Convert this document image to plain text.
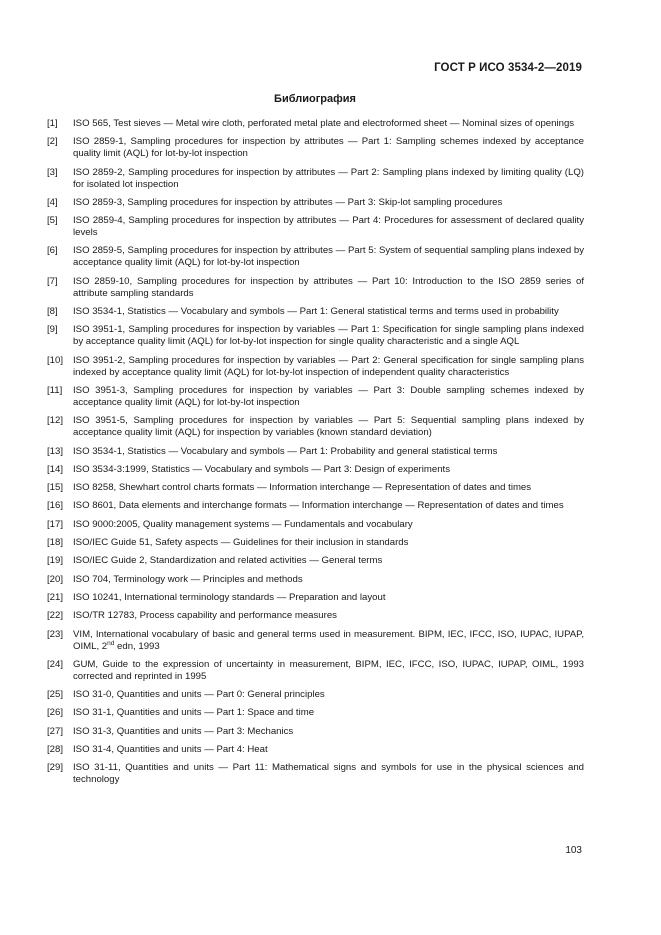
ГОСТ Р ИСО 3534-2—2019
Библиография
[1]	ISO 565, Test sieves — Metal wire cloth, perforated metal plate and electroformed sheet — Nominal sizes of openings
[2]	ISO 2859-1, Sampling procedures for inspection by attributes — Part 1: Sampling schemes indexed by acceptance quality limit (AQL) for lot-by-lot inspection
[3]	ISO 2859-2, Sampling procedures for inspection by attributes — Part 2: Sampling plans indexed by limiting quality (LQ) for isolated lot inspection
[4]	ISO 2859-3, Sampling procedures for inspection by attributes — Part 3: Skip-lot sampling procedures
[5]	ISO 2859-4, Sampling procedures for inspection by attributes — Part 4: Procedures for assessment of declared quality levels
[6]	ISO 2859-5, Sampling procedures for inspection by attributes — Part 5: System of sequential sampling plans indexed by acceptance quality limit (AQL) for lot-by-lot inspection
[7]	ISO 2859-10, Sampling procedures for inspection by attributes — Part 10: Introduction to the ISO 2859 series of attribute sampling standards
[8]	ISO 3534-1, Statistics — Vocabulary and symbols — Part 1: General statistical terms and terms used in probability
[9]	ISO 3951-1, Sampling procedures for inspection by variables — Part 1: Specification for single sampling plans indexed by acceptance quality limit (AQL) for lot-by-lot inspection for single quality characteristic and a single AQL
[10]	ISO 3951-2, Sampling procedures for inspection by variables — Part 2: General specification for single sampling plans indexed by acceptance quality limit (AQL) for lot-by-lot inspection of independent quality characteristics
[11]	ISO 3951-3, Sampling procedures for inspection by variables — Part 3: Double sampling schemes indexed by acceptance quality limit (AQL) for lot-by-lot inspection
[12]	ISO 3951-5, Sampling procedures for inspection by variables — Part 5: Sequential sampling plans indexed by acceptance quality limit (AQL) for inspection by variables (known standard deviation)
[13]	ISO 3534-1, Statistics — Vocabulary and symbols — Part 1: Probability and general statistical terms
[14]	ISO 3534-3:1999, Statistics — Vocabulary and symbols — Part 3: Design of experiments
[15]	ISO 8258, Shewhart control charts formats — Information interchange — Representation of dates and times
[16]	ISO 8601, Data elements and interchange formats — Information interchange — Representation of dates and times
[17]	ISO 9000:2005, Quality management systems — Fundamentals and vocabulary
[18]	ISO/IEC Guide 51, Safety aspects — Guidelines for their inclusion in standards
[19]	ISO/IEC Guide 2, Standardization and related activities — General terms
[20]	ISO 704, Terminology work — Principles and methods
[21]	ISO 10241, International terminology standards — Preparation and layout
[22]	ISO/TR 12783, Process capability and performance measures
[23]	VIM, International vocabulary of basic and general terms used in measurement. BIPM, IEC, IFCC, ISO, IUPAC, IUPAP, OIML, 2nd edn, 1993
[24]	GUM, Guide to the expression of uncertainty in measurement, BIPM, IEC, IFCC, ISO, IUPAC, IUPAP, OIML, 1993 corrected and reprinted in 1995
[25]	ISO 31-0, Quantities and units — Part 0: General principles
[26]	ISO 31-1, Quantities and units — Part 1: Space and time
[27]	ISO 31-3, Quantities and units — Part 3: Mechanics
[28]	ISO 31-4, Quantities and units — Part 4: Heat
[29]	ISO 31-11, Quantities and units — Part 11: Mathematical signs and symbols for use in the physical sciences and technology
103
